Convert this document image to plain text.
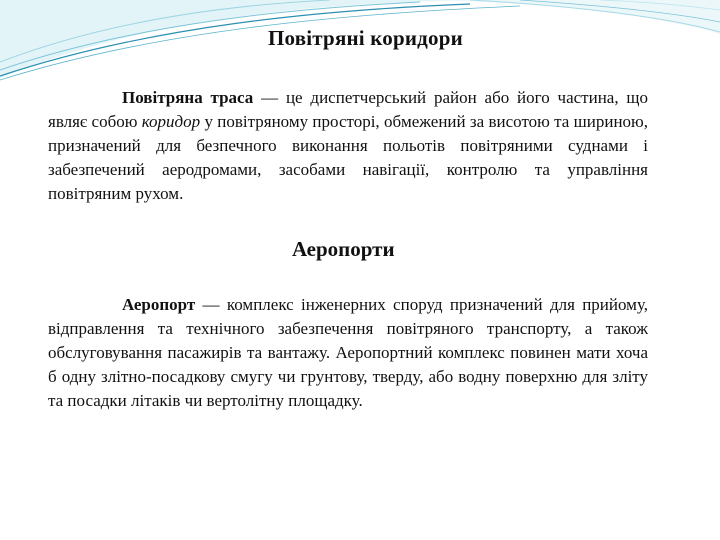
Повітряні коридори

Повітряна траса — це диспетчерський район або його частина, що являє собою коридор у повітряному просторі, обмежений за висотою та шириною, призначений для безпечного виконання польотів повітряними суднами і забезпечений аеродромами, засобами навігації, контролю та управління повітряним рухом.

Аеропорти

Аеропорт — комплекс інженерних споруд призначений для прийому, відправлення та технічного забезпечення повітряного транспорту, а також обслуговування пасажирів та вантажу. Аеропортний комплекс повинен мати хоча б одну злітно-посадкову смугу чи грунтову, тверду, або водну поверхню для зліту та посадки літаків чи вертолітну площадку.
